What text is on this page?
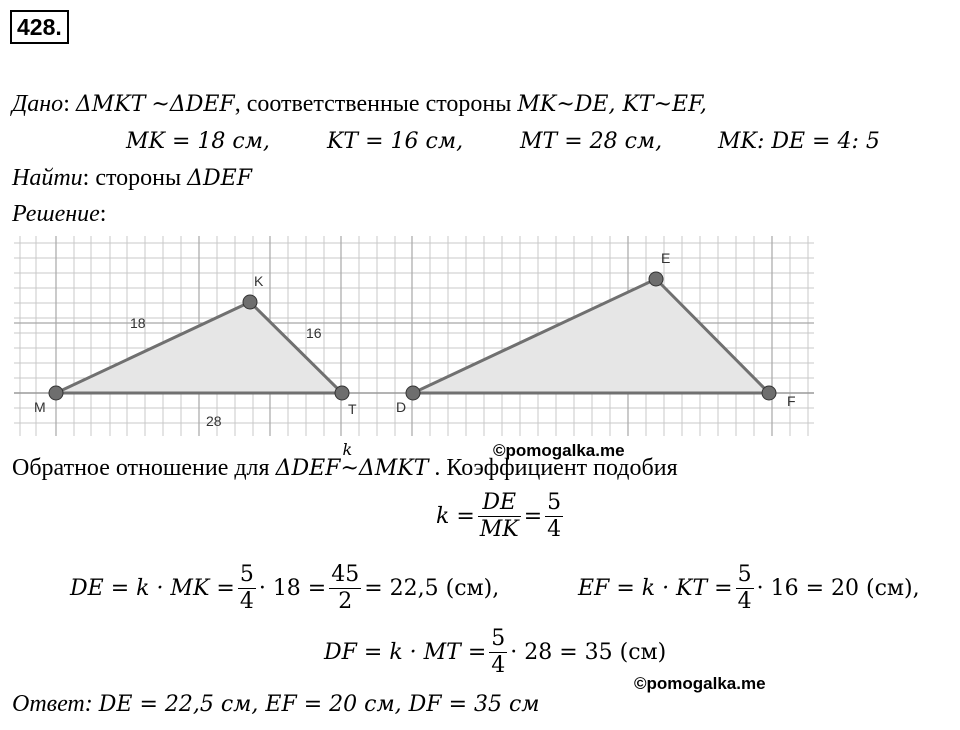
428.
Дано: ΔMKT ~ΔDEF, соответственные стороны MK~DE, KT~EF,
MK = 18 см,	KT = 16 см,	MT = 28 см,	MK: DE = 4: 5
Найти: стороны ΔDEF
Решение:
M
K
T
18
16
28
D
E
F
©pomogalka.me
Обратное отношение для ΔDEF
k
~ΔMKT . Коэффициент подобия
$k = \frac{DE}{MK} = \frac{5}{4}$
DE = k · MK = $\frac{5}{4} \cdot 18 = \frac{45}{2} = 22,5$ (см),	EF = k · KT = $\frac{5}{4} \cdot 16 = 20$ (см),
DF = k · MT = $\frac{5}{4} \cdot 28 = 35$ (см)
©pomogalka.me
Ответ: DE = 22,5 см, EF = 20 см, DF = 35 см
